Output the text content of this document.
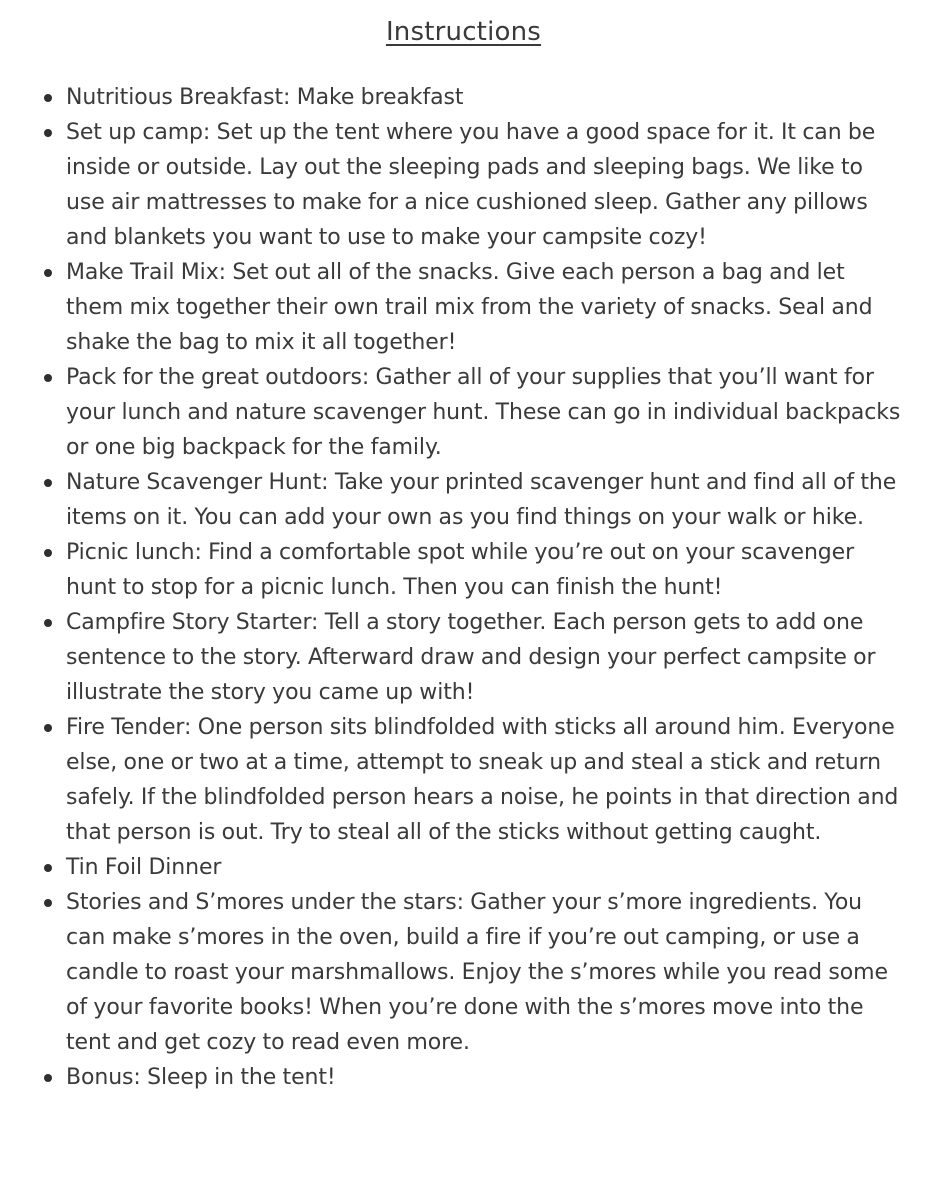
Instructions
Nutritious Breakfast: Make breakfast
Set up camp: Set up the tent where you have a good space for it. It can be inside or outside. Lay out the sleeping pads and sleeping bags. We like to use air mattresses to make for a nice cushioned sleep. Gather any pillows and blankets you want to use to make your campsite cozy!
Make Trail Mix: Set out all of the snacks. Give each person a bag and let them mix together their own trail mix from the variety of snacks. Seal and shake the bag to mix it all together!
Pack for the great outdoors: Gather all of your supplies that you’ll want for your lunch and nature scavenger hunt. These can go in individual backpacks or one big backpack for the family.
Nature Scavenger Hunt: Take your printed scavenger hunt and find all of the items on it. You can add your own as you find things on your walk or hike.
Picnic lunch: Find a comfortable spot while you’re out on your scavenger hunt to stop for a picnic lunch. Then you can finish the hunt!
Campfire Story Starter: Tell a story together. Each person gets to add one sentence to the story. Afterward draw and design your perfect campsite or illustrate the story you came up with!
Fire Tender: One person sits blindfolded with sticks all around him. Everyone else, one or two at a time, attempt to sneak up and steal a stick and return safely. If the blindfolded person hears a noise, he points in that direction and that person is out. Try to steal all of the sticks without getting caught.
Tin Foil Dinner
Stories and S’mores under the stars: Gather your s’more ingredients. You can make s’mores in the oven, build a fire if you’re out camping, or use a candle to roast your marshmallows. Enjoy the s’mores while you read some of your favorite books! When you’re done with the s’mores move into the tent and get cozy to read even more.
Bonus: Sleep in the tent!
